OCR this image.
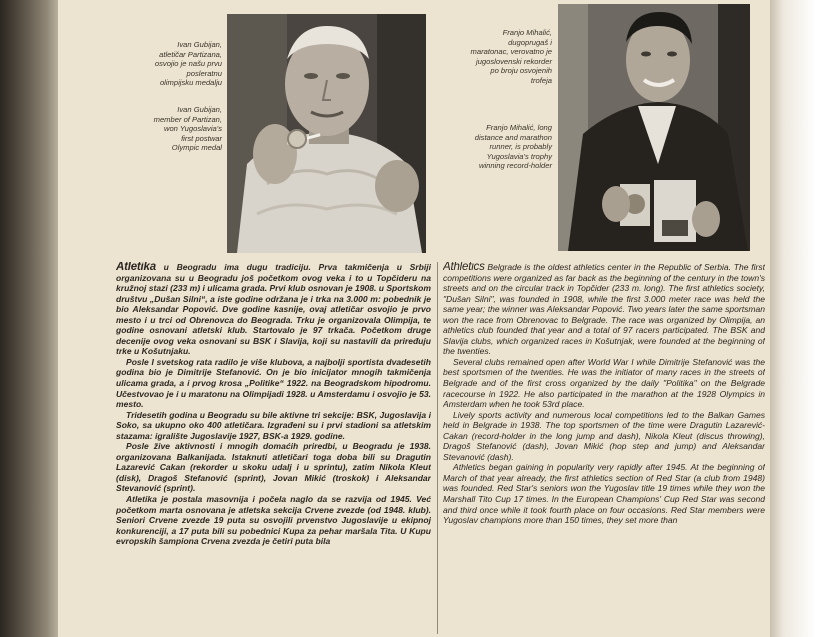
Ivan Gubijan, atletičar Partizana, osvojio je našu prvu posleratnu olimpijsku medalju
Ivan Gubijan, member of Partizan, won Yugoslavia's first postwar Olympic medal
Franjo Mihalić, dugoprugaš i maratonac, verovatno je jugoslovenski rekorder po broju osvojenih trofeja
Franjo Mihalić, long distance and marathon runner, is probably Yugoslavia's trophy winning record-holder

Atletika u Beogradu ima dugu tradiciju. Prva takmičenja u Srbiji organizovana su u Beogradu još početkom ovog veka i to u Topčideru na kružnoj stazi (233 m) i ulicama grada. Prvi klub osnovan je 1908. u Sportskom društvu „Dušan Silni“, a iste godine održana je i trka na 3.000 m: pobednik je bio Aleksandar Popović. Dve godine kasnije, ovaj atletičar osvojio je prvo mesto i u trci od Obrenovca do Beograda. Trku je organizovala Olimpija, te godine osnovani atletski klub. Startovalo je 97 trkača. Početkom druge decenije ovog veka osnovani su BSK i Slavija, koji su nastavili da priređuju trke u Košutnjaku.

Posle I svetskog rata radilo je više klubova, a najbolji sportista dvadesetih godina bio je Dimitrije Stefanović. On je bio inicijator mnogih takmičenja ulicama grada, a i prvog krosa „Politike“ 1922. na Beogradskom hipodromu. Učestvovao je i u maratonu na Olimpijadi 1928. u Amsterdamu i osvojio je 53. mesto.

Tridesetih godina u Beogradu su bile aktivne tri sekcije: BSK, Jugoslavija i Soko, sa ukupno oko 400 atletičara. Izgrađeni su i prvi stadioni sa atletskim stazama: igralište Jugoslavije 1927, BSK-a 1929. godine.

Posle žive aktivnosti i mnogih domaćih priredbi, u Beogradu je 1938. organizovana Balkanijada. Istaknuti atletičari toga doba bili su Dragutin Lazarević Cakan (rekorder u skoku udalj i u sprintu), zatim Nikola Kleut (disk), Dragoš Stefanović (sprint), Jovan Mikić (troskok) i Aleksandar Stevanović (sprint).

Atletika je postala masovnija i počela naglo da se razvija od 1945. Već početkom marta osnovana je atletska sekcija Crvene zvezde (od 1948. klub). Seniori Crvene zvezde 19 puta su osvojili prvenstvo Jugoslavije u ekipnoj konkurenciji, a 17 puta bili su pobednici Kupa za pehar maršala Tita. U Kupu evropskih šampiona Crvena zvezda je četiri puta bila

Athletics Belgrade is the oldest athletics center in the Republic of Serbia. The first competitions were organized as far back as the beginning of the century in the town's streets and on the circular track in Topčider (233 m. long). The first athletics society, "Dušan Silni", was founded in 1908, while the first 3.000 meter race was held the same year; the winner was Aleksandar Popović. Two years later the same sportsman won the race from Obrenovac to Belgrade. The race was organized by Olimpija, an athletics club founded that year and a total of 97 racers participated. The BSK and Slavija clubs, which organized races in Košutnjak, were founded at the beginning of the twenties.

Several clubs remained open after World War I while Dimitrije Stefanović was the best sportsmen of the twenties. He was the initiator of many races in the streets of Belgrade and of the first cross organized by the daily "Politika" on the Belgrade racecourse in 1922. He also participated in the marathon at the 1928 Olympics in Amsterdam when he took 53rd place.

Lively sports activity and numerous local competitions led to the Balkan Games held in Belgrade in 1938. The top sportsmen of the time were Dragutin Lazarević-Cakan (record-holder in the long jump and dash), Nikola Kleut (discus throwing), Dragoš Stefanović (dash), Jovan Mikić (hop step and jump) and Aleksandar Stevanović (dash).

Athletics began gaining in popularity very rapidly after 1945. At the beginning of March of that year already, the first athletics section of Red Star (a club from 1948) was founded. Red Star's seniors won the Yugoslav title 19 times while they won the Marshall Tito Cup 17 times. In the European Champions' Cup Red Star was second and third once while it took fourth place on four occasions. Red Star members were Yugoslav champions more than 150 times, they set more than
